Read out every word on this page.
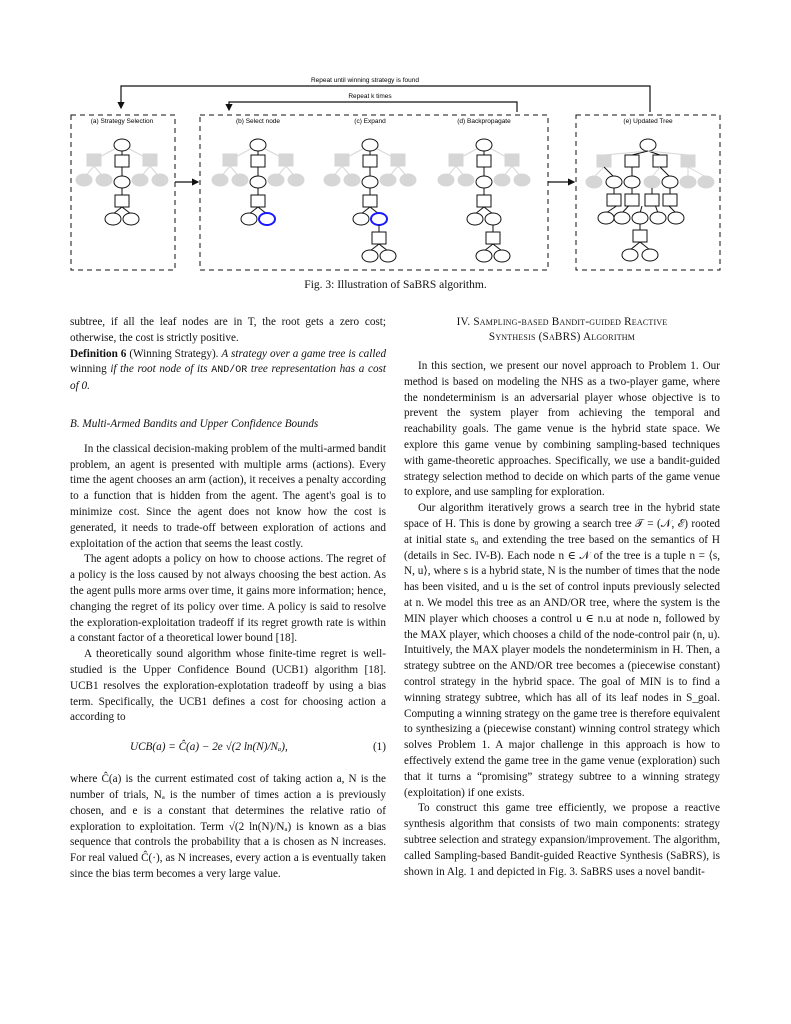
Repeat until winning strategy is found
Repeat k times
(a) Strategy Selection	(b) Select node	(c) Expand	(d) Backpropagate	(e) Updated Tree
Fig. 3: Illustration of SaBRS algorithm.

subtree, if all the leaf nodes are in T, the root gets a zero cost; otherwise, the cost is strictly positive.

Definition 6 (Winning Strategy). A strategy over a game tree is called winning if the root node of its AND/OR tree representation has a cost of 0.

B. Multi-Armed Bandits and Upper Confidence Bounds

In the classical decision-making problem of the multi-armed bandit problem, an agent is presented with multiple arms (actions). Every time the agent chooses an arm (action), it receives a penalty according to a function that is hidden from the agent. The agent's goal is to minimize cost. Since the agent does not know how the cost is generated, it needs to trade-off between exploration of actions and exploitation of the action that seems the least costly.

The agent adopts a policy on how to choose actions. The regret of a policy is the loss caused by not always choosing the best action. As the agent pulls more arms over time, it gains more information; hence, changing the regret of its policy over time. A policy is said to resolve the exploration-exploitation tradeoff if its regret growth rate is within a constant factor of a theoretical lower bound [18].

A theoretically sound algorithm whose finite-time regret is well-studied is the Upper Confidence Bound (UCB1) algorithm [18]. UCB1 resolves the exploration-explotation tradeoff by using a bias term. Specifically, the UCB1 defines a cost for choosing action a according to

UCB(a) = Ĉ(a) − 2e √(2 ln(N)/Nₐ),	(1)

where Ĉ(a) is the current estimated cost of taking action a, N is the number of trials, Nₐ is the number of times action a is previously chosen, and e is a constant that determines the relative ratio of exploration to exploitation. Term √(2 ln(N)/Nₐ) is known as a bias sequence that controls the probability that a is chosen as N increases. For real valued Ĉ(·), as N increases, every action a is eventually taken since the bias term becomes a very large value.

IV. Sampling-based Bandit-guided Reactive
Synthesis (SaBRS) Algorithm

In this section, we present our novel approach to Problem 1. Our method is based on modeling the NHS as a two-player game, where the nondeterminism is an adversarial player whose objective is to prevent the system player from achieving the temporal and reachability goals. The game venue is the hybrid state space. We explore this game venue by combining sampling-based techniques with game-theoretic approaches. Specifically, we use a bandit-guided strategy selection method to decide on which parts of the game venue to explore, and use sampling for exploration.

Our algorithm iteratively grows a search tree in the hybrid state space of H. This is done by growing a search tree 𝒯 = (𝒩, ℰ) rooted at initial state s₀ and extending the tree based on the semantics of H (details in Sec. IV-B). Each node n ∈ 𝒩 of the tree is a tuple n = ⟨s, N, u⟩, where s is a hybrid state, N is the number of times that the node has been visited, and u is the set of control inputs previously selected at n. We model this tree as an AND/OR tree, where the system is the MIN player which chooses a control u ∈ n.u at node n, followed by the MAX player, which chooses a child of the node-control pair (n, u). Intuitively, the MAX player models the nondeterminism in H. Then, a strategy subtree on the AND/OR tree becomes a (piecewise constant) control strategy in the hybrid space. The goal of MIN is to find a winning strategy subtree, which has all of its leaf nodes in S_goal. Computing a winning strategy on the game tree is therefore equivalent to synthesizing a (piecewise constant) winning control strategy which solves Problem 1. A major challenge in this approach is how to effectively extend the game tree in the game venue (exploration) such that it turns a “promising” strategy subtree to a winning strategy (exploitation) if one exists.

To construct this game tree efficiently, we propose a reactive synthesis algorithm that consists of two main components: strategy subtree selection and strategy expansion/improvement. The algorithm, called Sampling-based Bandit-guided Reactive Synthesis (SaBRS), is shown in Alg. 1 and depicted in Fig. 3. SaBRS uses a novel bandit-
